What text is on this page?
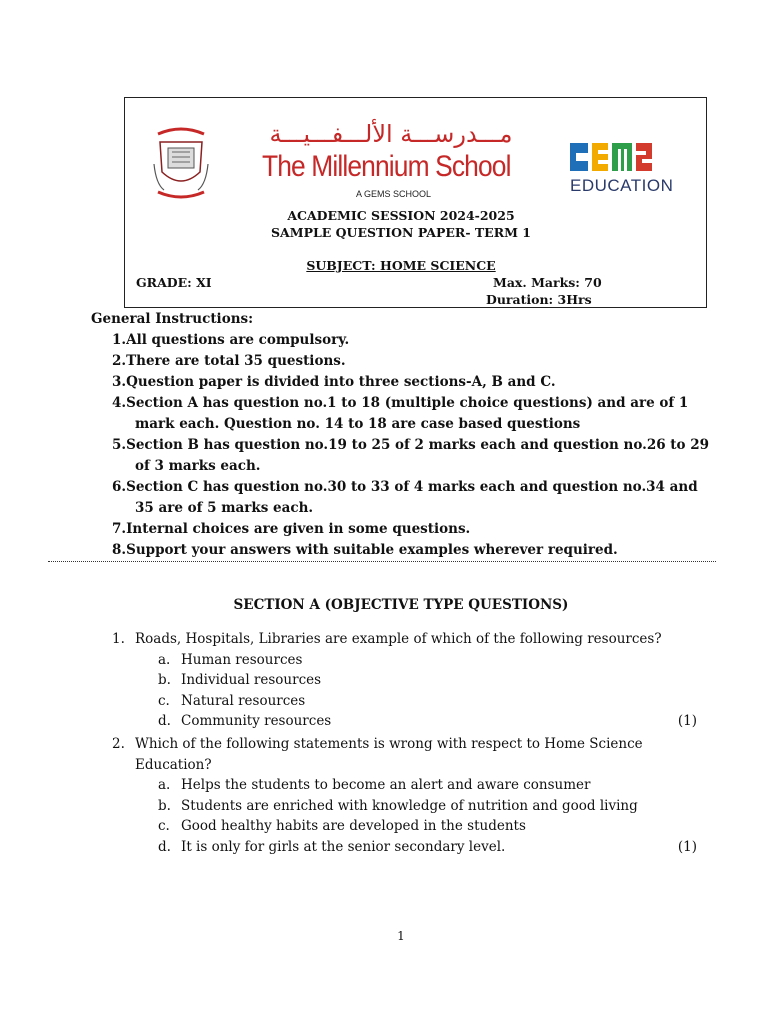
مـــدرســـة الألـــفـــيـــة
The Millennium School
A GEMS SCHOOL	EDUCATION
ACADEMIC SESSION 2024-2025
SAMPLE QUESTION PAPER- TERM 1
SUBJECT: HOME SCIENCE
GRADE: XI	Max. Marks: 70
Duration: 3Hrs
General Instructions:
1.All questions are compulsory.
2.There are total 35 questions.
3.Question paper is divided into three sections-A, B and C.
4.Section A has question no.1 to 18 (multiple choice questions) and are of 1 mark each. Question no. 14 to 18 are case based questions
5.Section B has question no.19 to 25 of 2 marks each and question no.26 to 29 of 3 marks each.
6.Section C has question no.30 to 33 of 4 marks each and question no.34 and 35 are of 5 marks each.
7.Internal choices are given in some questions.
8.Support your answers with suitable examples wherever required.
SECTION A (OBJECTIVE TYPE QUESTIONS)
1. Roads, Hospitals, Libraries are example of which of the following resources?
a. Human resources
b. Individual resources
c. Natural resources
d. Community resources	(1)
2. Which of the following statements is wrong with respect to Home Science Education?
a. Helps the students to become an alert and aware consumer
b. Students are enriched with knowledge of nutrition and good living
c. Good healthy habits are developed in the students
d. It is only for girls at the senior secondary level.	(1)
1
